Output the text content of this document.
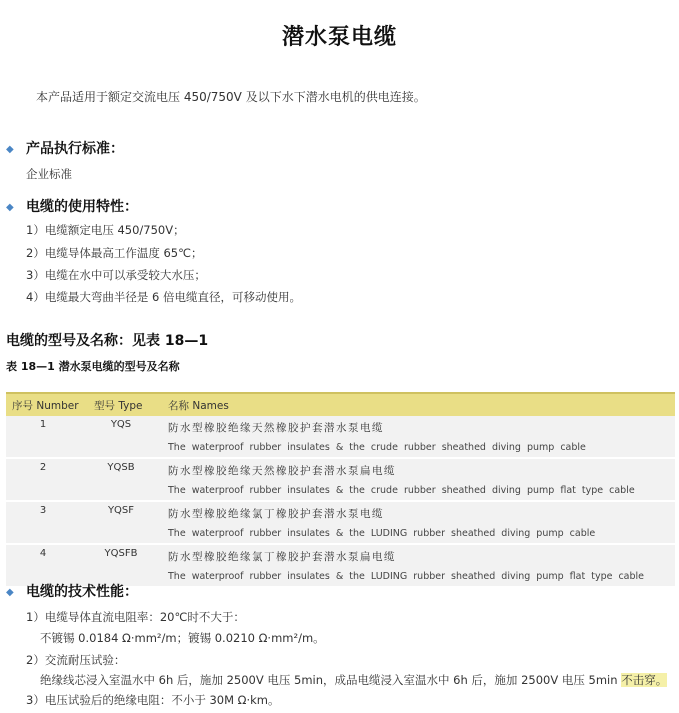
潜水泵电缆
本产品适用于额定交流电压 450/750V 及以下水下潜水电机的供电连接。
◆ 产品执行标准：
企业标准
◆ 电缆的使用特性：
1）电缆额定电压 450/750V；
2）电缆导体最高工作温度 65℃；
3）电缆在水中可以承受较大水压；
4）电缆最大弯曲半径是 6 倍电缆直径，可移动使用。
电缆的型号及名称：见表 18—1
表 18—1 潜水泵电缆的型号及名称
序号 Number	型号 Type	名称 Names
1	YQS	防水型橡胶绝缘天然橡胶护套潜水泵电缆
The waterproof rubber insulates & the crude rubber sheathed diving pump cable

2	YQSB	防水型橡胶绝缘天然橡胶护套潜水泵扁电缆
The waterproof rubber insulates & the crude rubber sheathed diving pump flat type cable

3	YQSF	防水型橡胶绝缘氯丁橡胶护套潜水泵电缆
The waterproof rubber insulates & the LUDING rubber sheathed diving pump cable

4	YQSFB	防水型橡胶绝缘氯丁橡胶护套潜水泵扁电缆
The waterproof rubber insulates & the LUDING rubber sheathed diving pump flat type cable
◆ 电缆的技术性能：
1）电缆导体直流电阻率：20℃时不大于：
不镀锡 0.0184 Ω·mm²/m；镀锡 0.0210 Ω·mm²/m。
2）交流耐压试验：
绝缘线芯浸入室温水中 6h 后，施加 2500V 电压 5min，成品电缆浸入室温水中 6h 后，施加 2500V 电压 5min 不击穿。
3）电压试验后的绝缘电阻：不小于 30M Ω·km。
